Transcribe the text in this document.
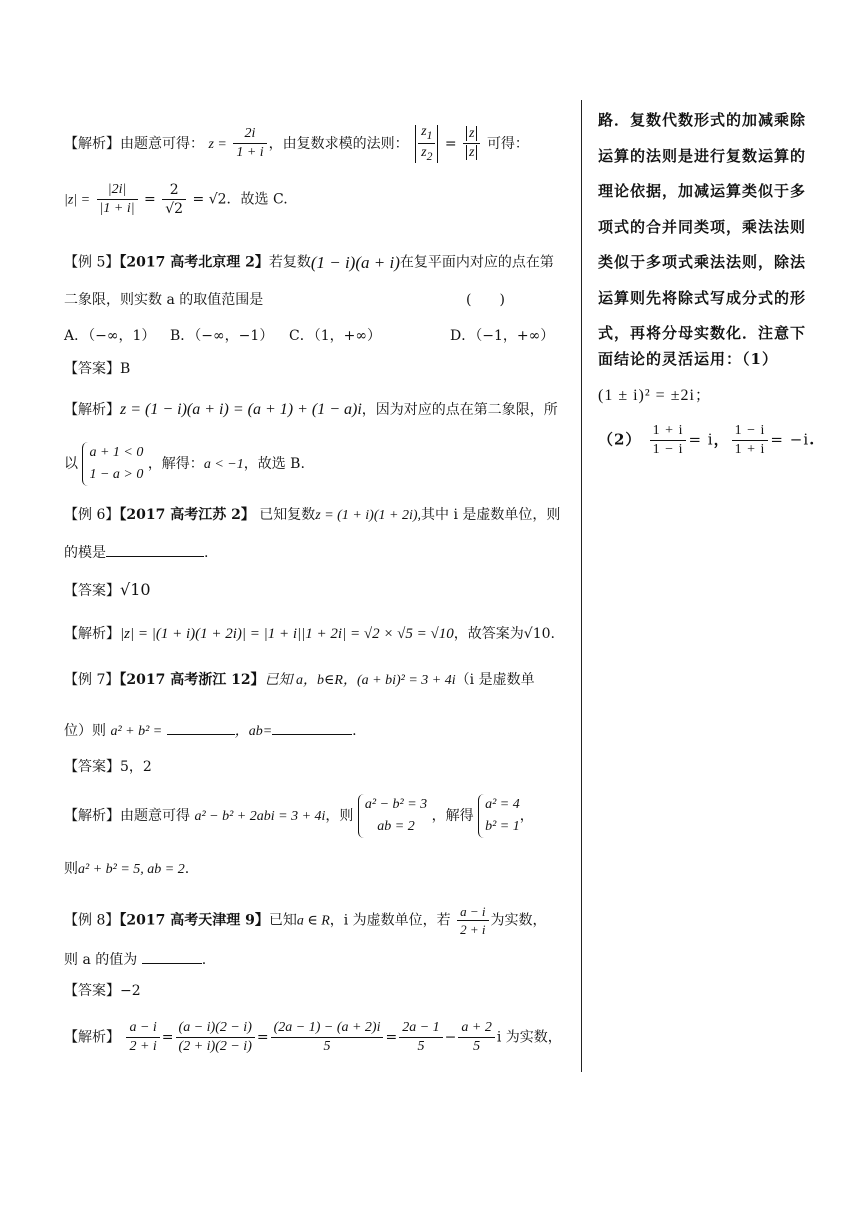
【解析】由题意可得： $z = \frac{2i}{1 + i}$ ，由复数求模的法则： $\frac{z_1}{z_2} = \frac{z}{z}$ 可得：
$|z| = \frac{|2i|}{|1 + i|} = \frac{2}{√2} = √2$．故选 C.
【例 5】【2017 高考北京理 2】若复数(1 − i)(a + i)在复平面内对应的点在第
二象限，则实数 a 的取值范围是	(　　)
A．（−∞，1） B．（−∞，−1） C．（1，+∞）	D．（−1，+∞）
【答案】B
【解析】z = (1 − i)(a + i) = (a + 1) + (1 − a)i，因为对应的点在第二象限，所
以
a + 1 < 0
1 − a > 0
，解得：a < −1，故选 B.
【例 6】【2017 高考江苏 2】 已知复数z = (1 + i)(1 + 2i),其中 i 是虚数单位，则
的模是	.
【答案】√10
【解析】|z| = |(1 + i)(1 + 2i)| = |1 + i||1 + 2i| = √2 × √5 = √10，故答案为√10.
【例 7】【2017 高考浙江 12】已知 a，b∈R，(a + bi)² = 3 + 4i（i 是虚数单
位）则 a² + b² =	，ab=	.
【答案】5，2
【解析】由题意可得 a² − b² + 2abi = 3 + 4i，则
a² − b² = 3
ab = 2
，解得
a² = 4
b² = 1
，
则a² + b² = 5, ab = 2.
【例 8】【2017 高考天津理 9】已知a ∈ R，i 为虚数单位，若 $\frac{a - i}{2 + i}$ 为实数，
则 a 的值为	.
【答案】−2
【解析】 $\frac{a - i}{2 + i} = \frac{(a - i)(2 - i)}{(2 + i)(2 - i)} = \frac{(2a - 1) - (a + 2)i}{5} = \frac{2a - 1}{5} - \frac{a + 2}{5}$ i 为实数，
路．复数代数形式的加减乘除
运算的法则是进行复数运算的
理论依据，加减运算类似于多
项式的合并同类项，乘法法则
类似于多项式乘法法则，除法
运算则先将除式写成分式的形
式，再将分母实数化．注意下
面结论的灵活运用：（1）
(1 ± i)² = ±2i；
$(2) \frac{1 + i}{1 - i} = i$， $\frac{1 - i}{1 + i} = -i$.
